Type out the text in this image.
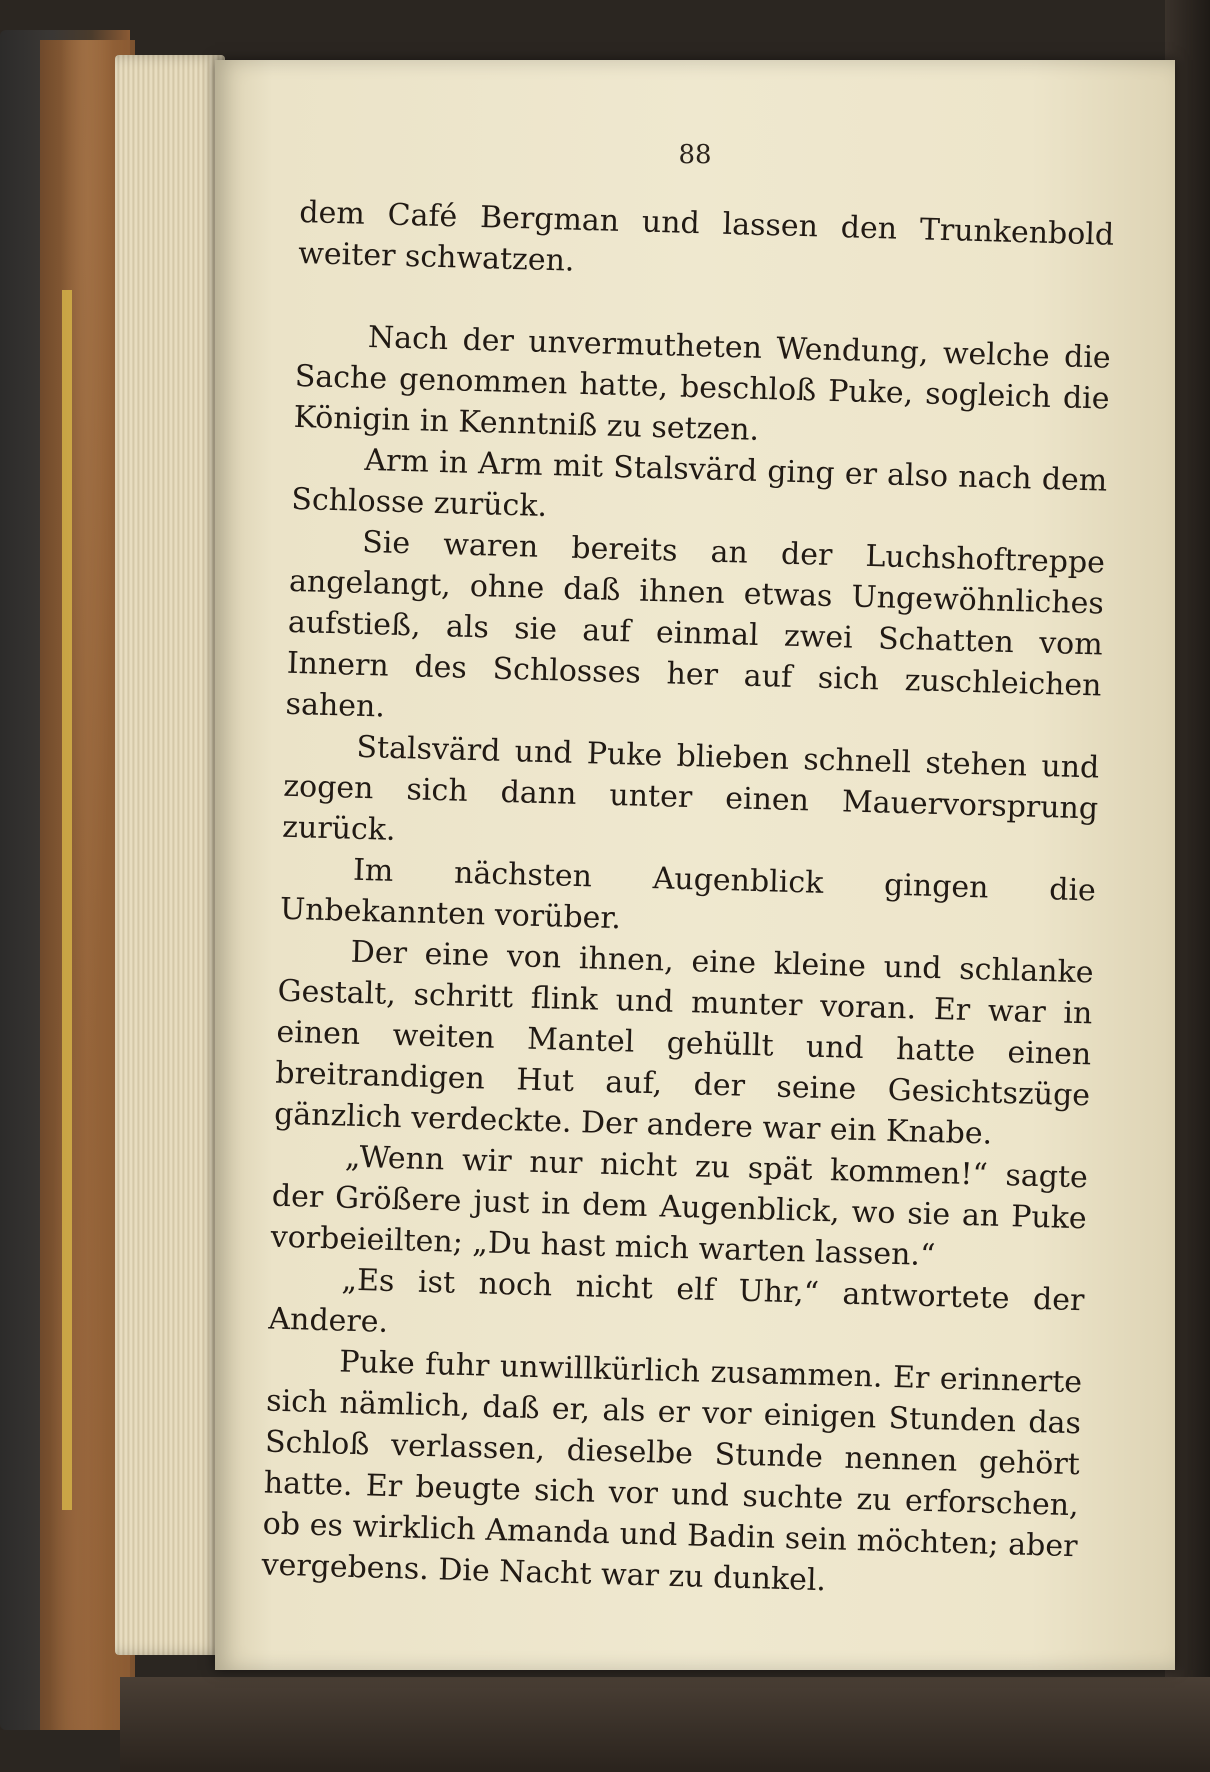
88

dem Café Bergman und lassen den Trunkenbold weiter schwatzen.

Nach der unvermutheten Wendung, welche die Sache genommen hatte, beschloß Puke, sogleich die Königin in Kenntniß zu setzen.

Arm in Arm mit Stalsvärd ging er also nach dem Schlosse zurück.

Sie waren bereits an der Luchshoftreppe angelangt, ohne daß ihnen etwas Ungewöhnliches aufstieß, als sie auf einmal zwei Schatten vom Innern des Schlosses her auf sich zuschleichen sahen.

Stalsvärd und Puke blieben schnell stehen und zogen sich dann unter einen Mauervorsprung zurück.

Im nächsten Augenblick gingen die Unbekannten vorüber.

Der eine von ihnen, eine kleine und schlanke Gestalt, schritt flink und munter voran. Er war in einen weiten Mantel gehüllt und hatte einen breitrandigen Hut auf, der seine Gesichtszüge gänzlich verdeckte. Der andere war ein Knabe.

„Wenn wir nur nicht zu spät kommen!“ sagte der Größere just in dem Augenblick, wo sie an Puke vorbeieilten; „Du hast mich warten lassen.“

„Es ist noch nicht elf Uhr,“ antwortete der Andere.

Puke fuhr unwillkürlich zusammen. Er erinnerte sich nämlich, daß er, als er vor einigen Stunden das Schloß verlassen, dieselbe Stunde nennen gehört hatte. Er beugte sich vor und suchte zu erforschen, ob es wirklich Amanda und Badin sein möchten; aber vergebens. Die Nacht war zu dunkel.
